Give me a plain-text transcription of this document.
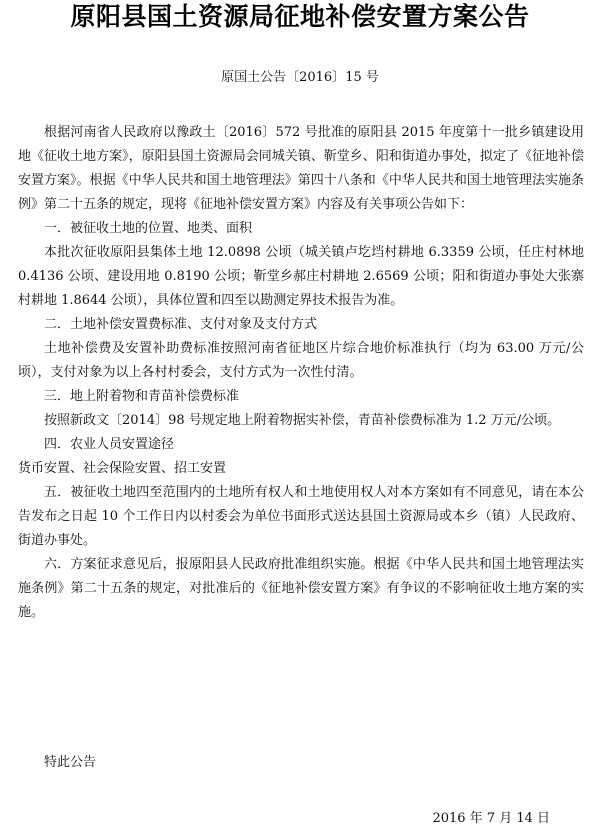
原阳县国土资源局征地补偿安置方案公告
原国土公告〔2016〕15 号

根据河南省人民政府以豫政土〔2016〕572 号批准的原阳县 2015 年度第十一批乡镇建设用地《征收土地方案》，原阳县国土资源局会同城关镇、靳堂乡、阳和街道办事处，拟定了《征地补偿安置方案》。根据《中华人民共和国土地管理法》第四十八条和《中华人民共和国土地管理法实施条例》第二十五条的规定，现将《征地补偿安置方案》内容及有关事项公告如下：

一．被征收土地的位置、地类、面积

本批次征收原阳县集体土地 12.0898 公顷（城关镇卢圪垱村耕地 6.3359 公顷，任庄村林地 0.4136 公顷、建设用地 0.8190 公顷；靳堂乡郝庄村耕地 2.6569 公顷；阳和街道办事处大张寨村耕地 1.8644 公顷），具体位置和四至以勘测定界技术报告为准。

二．土地补偿安置费标准、支付对象及支付方式

土地补偿费及安置补助费标准按照河南省征地区片综合地价标准执行（均为 63.00 万元/公顷），支付对象为以上各村村委会，支付方式为一次性付清。

三．地上附着物和青苗补偿费标准

按照新政文〔2014〕98 号规定地上附着物据实补偿，青苗补偿费标准为 1.2 万元/公顷。

四．农业人员安置途径

货币安置、社会保险安置、招工安置

五．被征收土地四至范围内的土地所有权人和土地使用权人对本方案如有不同意见，请在本公告发布之日起 10 个工作日内以村委会为单位书面形式送达县国土资源局或本乡（镇）人民政府、街道办事处。

六．方案征求意见后，报原阳县人民政府批准组织实施。根据《中华人民共和国土地管理法实施条例》第二十五条的规定，对批准后的《征地补偿安置方案》有争议的不影响征收土地方案的实施。

特此公告
2016 年 7 月 14 日
